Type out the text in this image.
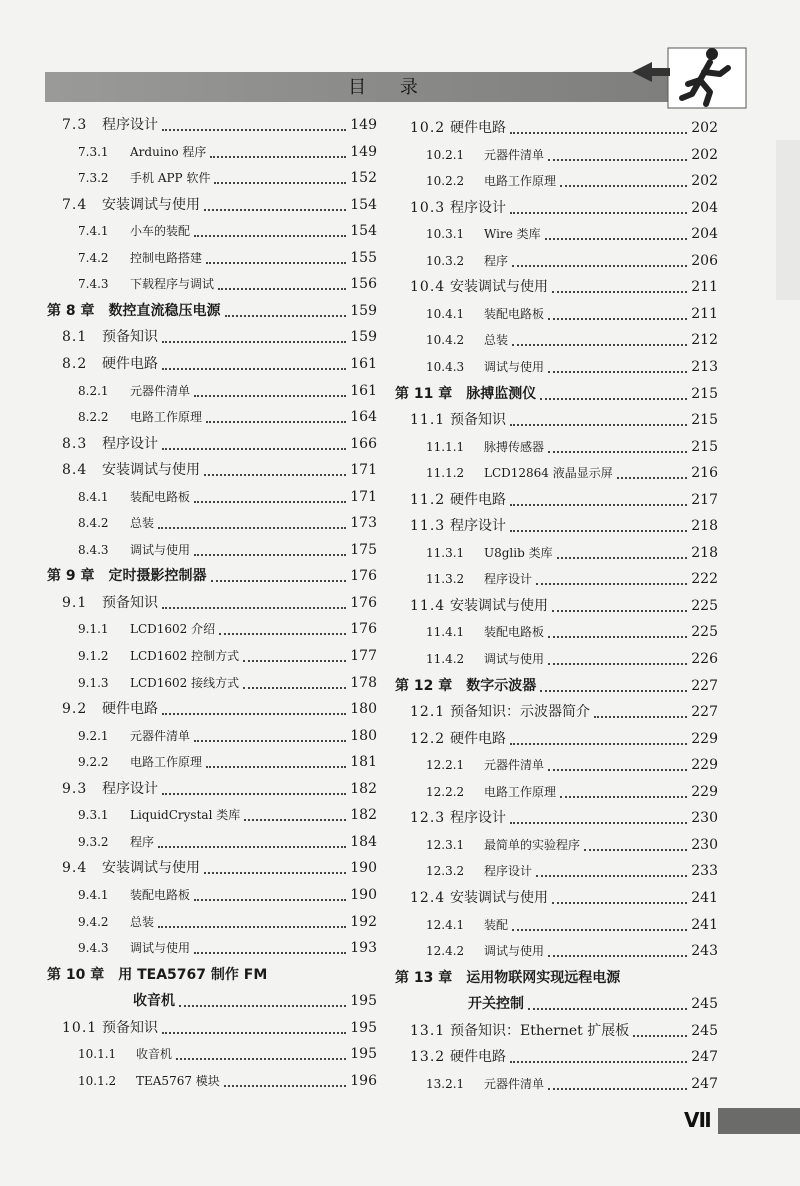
目 录
7.3	程序设计	149
7.3.1	Arduino 程序	149
7.3.2	手机 APP 软件	152
7.4	安装调试与使用	154
7.4.1	小车的装配	154
7.4.2	控制电路搭建	155
7.4.3	下载程序与调试	156
第 8 章 数控直流稳压电源	159
8.1	预备知识	159
8.2	硬件电路	161
8.2.1	元器件清单	161
8.2.2	电路工作原理	164
8.3	程序设计	166
8.4	安装调试与使用	171
8.4.1	装配电路板	171
8.4.2	总装	173
8.4.3	调试与使用	175
第 9 章 定时摄影控制器	176
9.1	预备知识	176
9.1.1	LCD1602 介绍	176
9.1.2	LCD1602 控制方式	177
9.1.3	LCD1602 接线方式	178
9.2	硬件电路	180
9.2.1	元器件清单	180
9.2.2	电路工作原理	181
9.3	程序设计	182
9.3.1	LiquidCrystal 类库	182
9.3.2	程序	184
9.4	安装调试与使用	190
9.4.1	装配电路板	190
9.4.2	总装	192
9.4.3	调试与使用	193
第 10 章 用 TEA5767 制作 FM
收音机	195
10.1 预备知识	195
10.1.1	收音机	195
10.1.2	TEA5767 模块	196
10.2 硬件电路	202
10.2.1	元器件清单	202
10.2.2	电路工作原理	202
10.3 程序设计	204
10.3.1	Wire 类库	204
10.3.2	程序	206
10.4 安装调试与使用	211
10.4.1	装配电路板	211
10.4.2	总装	212
10.4.3	调试与使用	213
第 11 章 脉搏监测仪	215
11.1 预备知识	215
11.1.1	脉搏传感器	215
11.1.2	LCD12864 液晶显示屏	216
11.2 硬件电路	217
11.3 程序设计	218
11.3.1	U8glib 类库	218
11.3.2	程序设计	222
11.4 安装调试与使用	225
11.4.1	装配电路板	225
11.4.2	调试与使用	226
第 12 章 数字示波器	227
12.1 预备知识：示波器简介	227
12.2 硬件电路	229
12.2.1	元器件清单	229
12.2.2	电路工作原理	229
12.3 程序设计	230
12.3.1	最简单的实验程序	230
12.3.2	程序设计	233
12.4 安装调试与使用	241
12.4.1	装配	241
12.4.2	调试与使用	243
第 13 章 运用物联网实现远程电源
开关控制	245
13.1 预备知识：Ethernet 扩展板	245
13.2 硬件电路	247
13.2.1	元器件清单	247
Ⅶ
